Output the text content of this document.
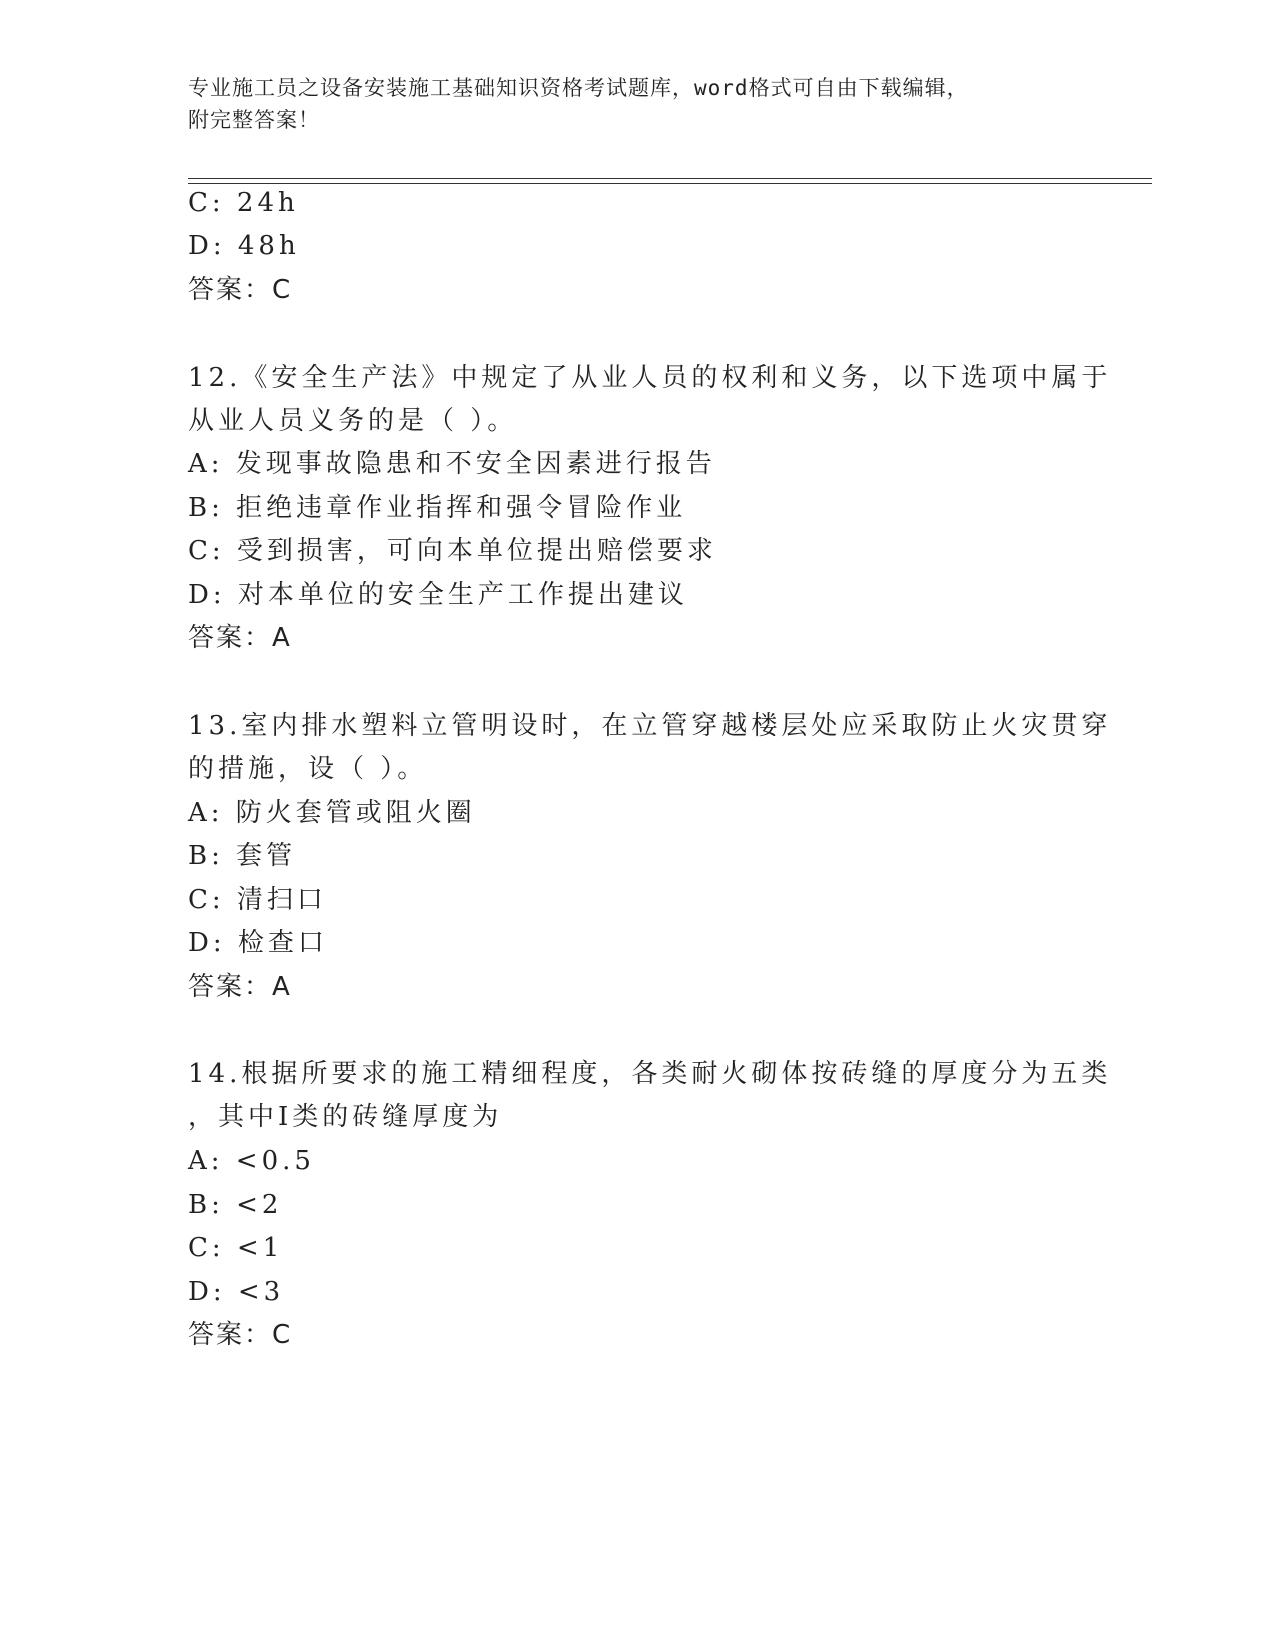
专业施工员之设备安装施工基础知识资格考试题库，word格式可自由下载编辑，
附完整答案！
C: 24h
D: 48h
答案：C
12.《安全生产法》中规定了从业人员的权利和义务，以下选项中属于
从业人员义务的是（ ）。
A: 发现事故隐患和不安全因素进行报告
B: 拒绝违章作业指挥和强令冒险作业
C: 受到损害，可向本单位提出赔偿要求
D: 对本单位的安全生产工作提出建议
答案：A
13.室内排水塑料立管明设时，在立管穿越楼层处应采取防止火灾贯穿
的措施，设（ ）。
A: 防火套管或阻火圈
B: 套管
C: 清扫口
D: 检查口
答案：A
14.根据所要求的施工精细程度，各类耐火砌体按砖缝的厚度分为五类
，其中Ⅰ类的砖缝厚度为
A: <0.5
B: <2
C: <1
D: <3
答案：C
